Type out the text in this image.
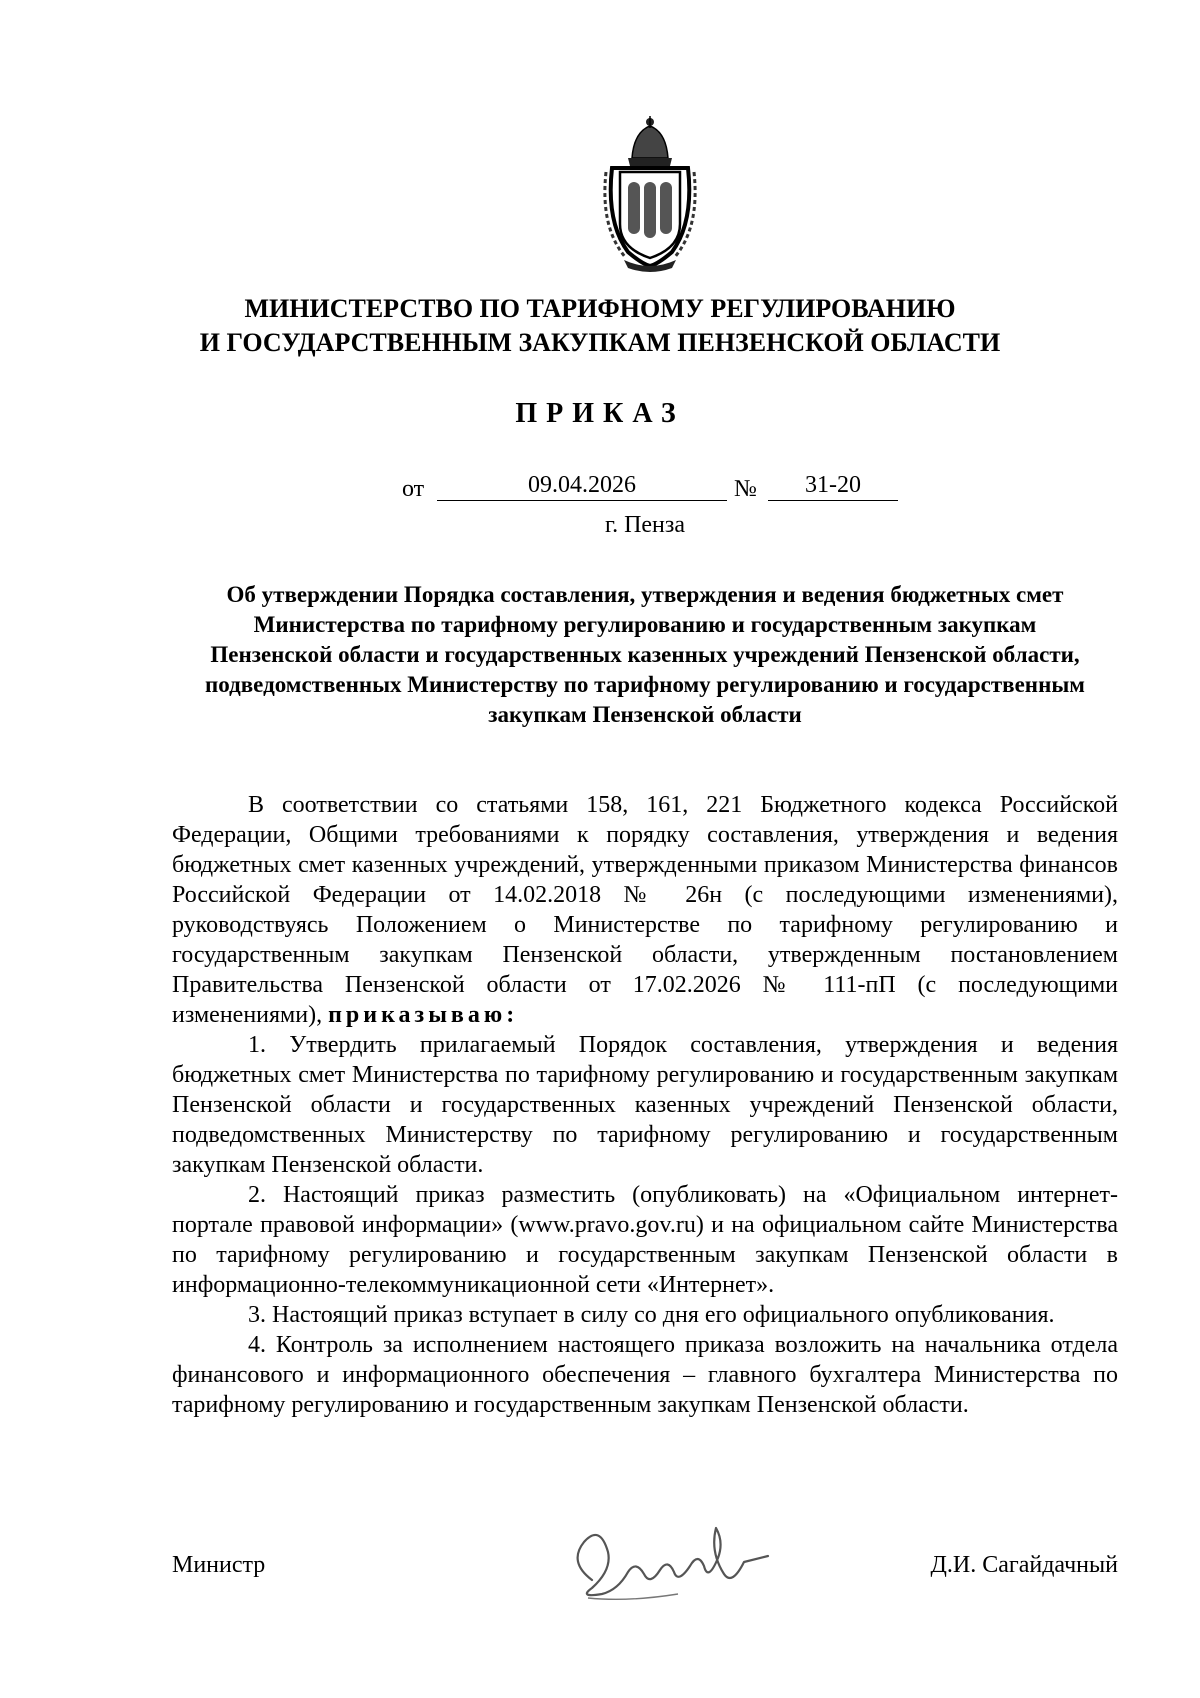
МИНИСТЕРСТВО ПО ТАРИФНОМУ РЕГУЛИРОВАНИЮ
И ГОСУДАРСТВЕННЫМ ЗАКУПКАМ ПЕНЗЕНСКОЙ ОБЛАСТИ
ПРИКАЗ
от	09.04.2026	№	31-20
г. Пенза
Об утверждении Порядка составления, утверждения и ведения бюджетных смет Министерства по тарифному регулированию и государственным закупкам Пензенской области и государственных казенных учреждений Пензенской области, подведомственных Министерству по тарифному регулированию и государственным закупкам Пензенской области

В соответствии со статьями 158, 161, 221 Бюджетного кодекса Российской Федерации, Общими требованиями к порядку составления, утверждения и ведения бюджетных смет казенных учреждений, утвержденными приказом Министерства финансов Российской Федерации от 14.02.2018 № 26н (с последующими изменениями), руководствуясь Положением о Министерстве по тарифному регулированию и государственным закупкам Пензенской области, утвержденным постановлением Правительства Пензенской области от 17.02.2026 № 111-пП (с последующими изменениями), приказываю:

1. Утвердить прилагаемый Порядок составления, утверждения и ведения бюджетных смет Министерства по тарифному регулированию и государственным закупкам Пензенской области и государственных казенных учреждений Пензенской области, подведомственных Министерству по тарифному регулированию и государственным закупкам Пензенской области.

2. Настоящий приказ разместить (опубликовать) на «Официальном интернет-портале правовой информации» (www.pravo.gov.ru) и на официальном сайте Министерства по тарифному регулированию и государственным закупкам Пензенской области в информационно-телекоммуникационной сети «Интернет».

3. Настоящий приказ вступает в силу со дня его официального опубликования.

4. Контроль за исполнением настоящего приказа возложить на начальника отдела финансового и информационного обеспечения – главного бухгалтера Министерства по тарифному регулированию и государственным закупкам Пензенской области.

Министр	Д.И. Сагайдачный
